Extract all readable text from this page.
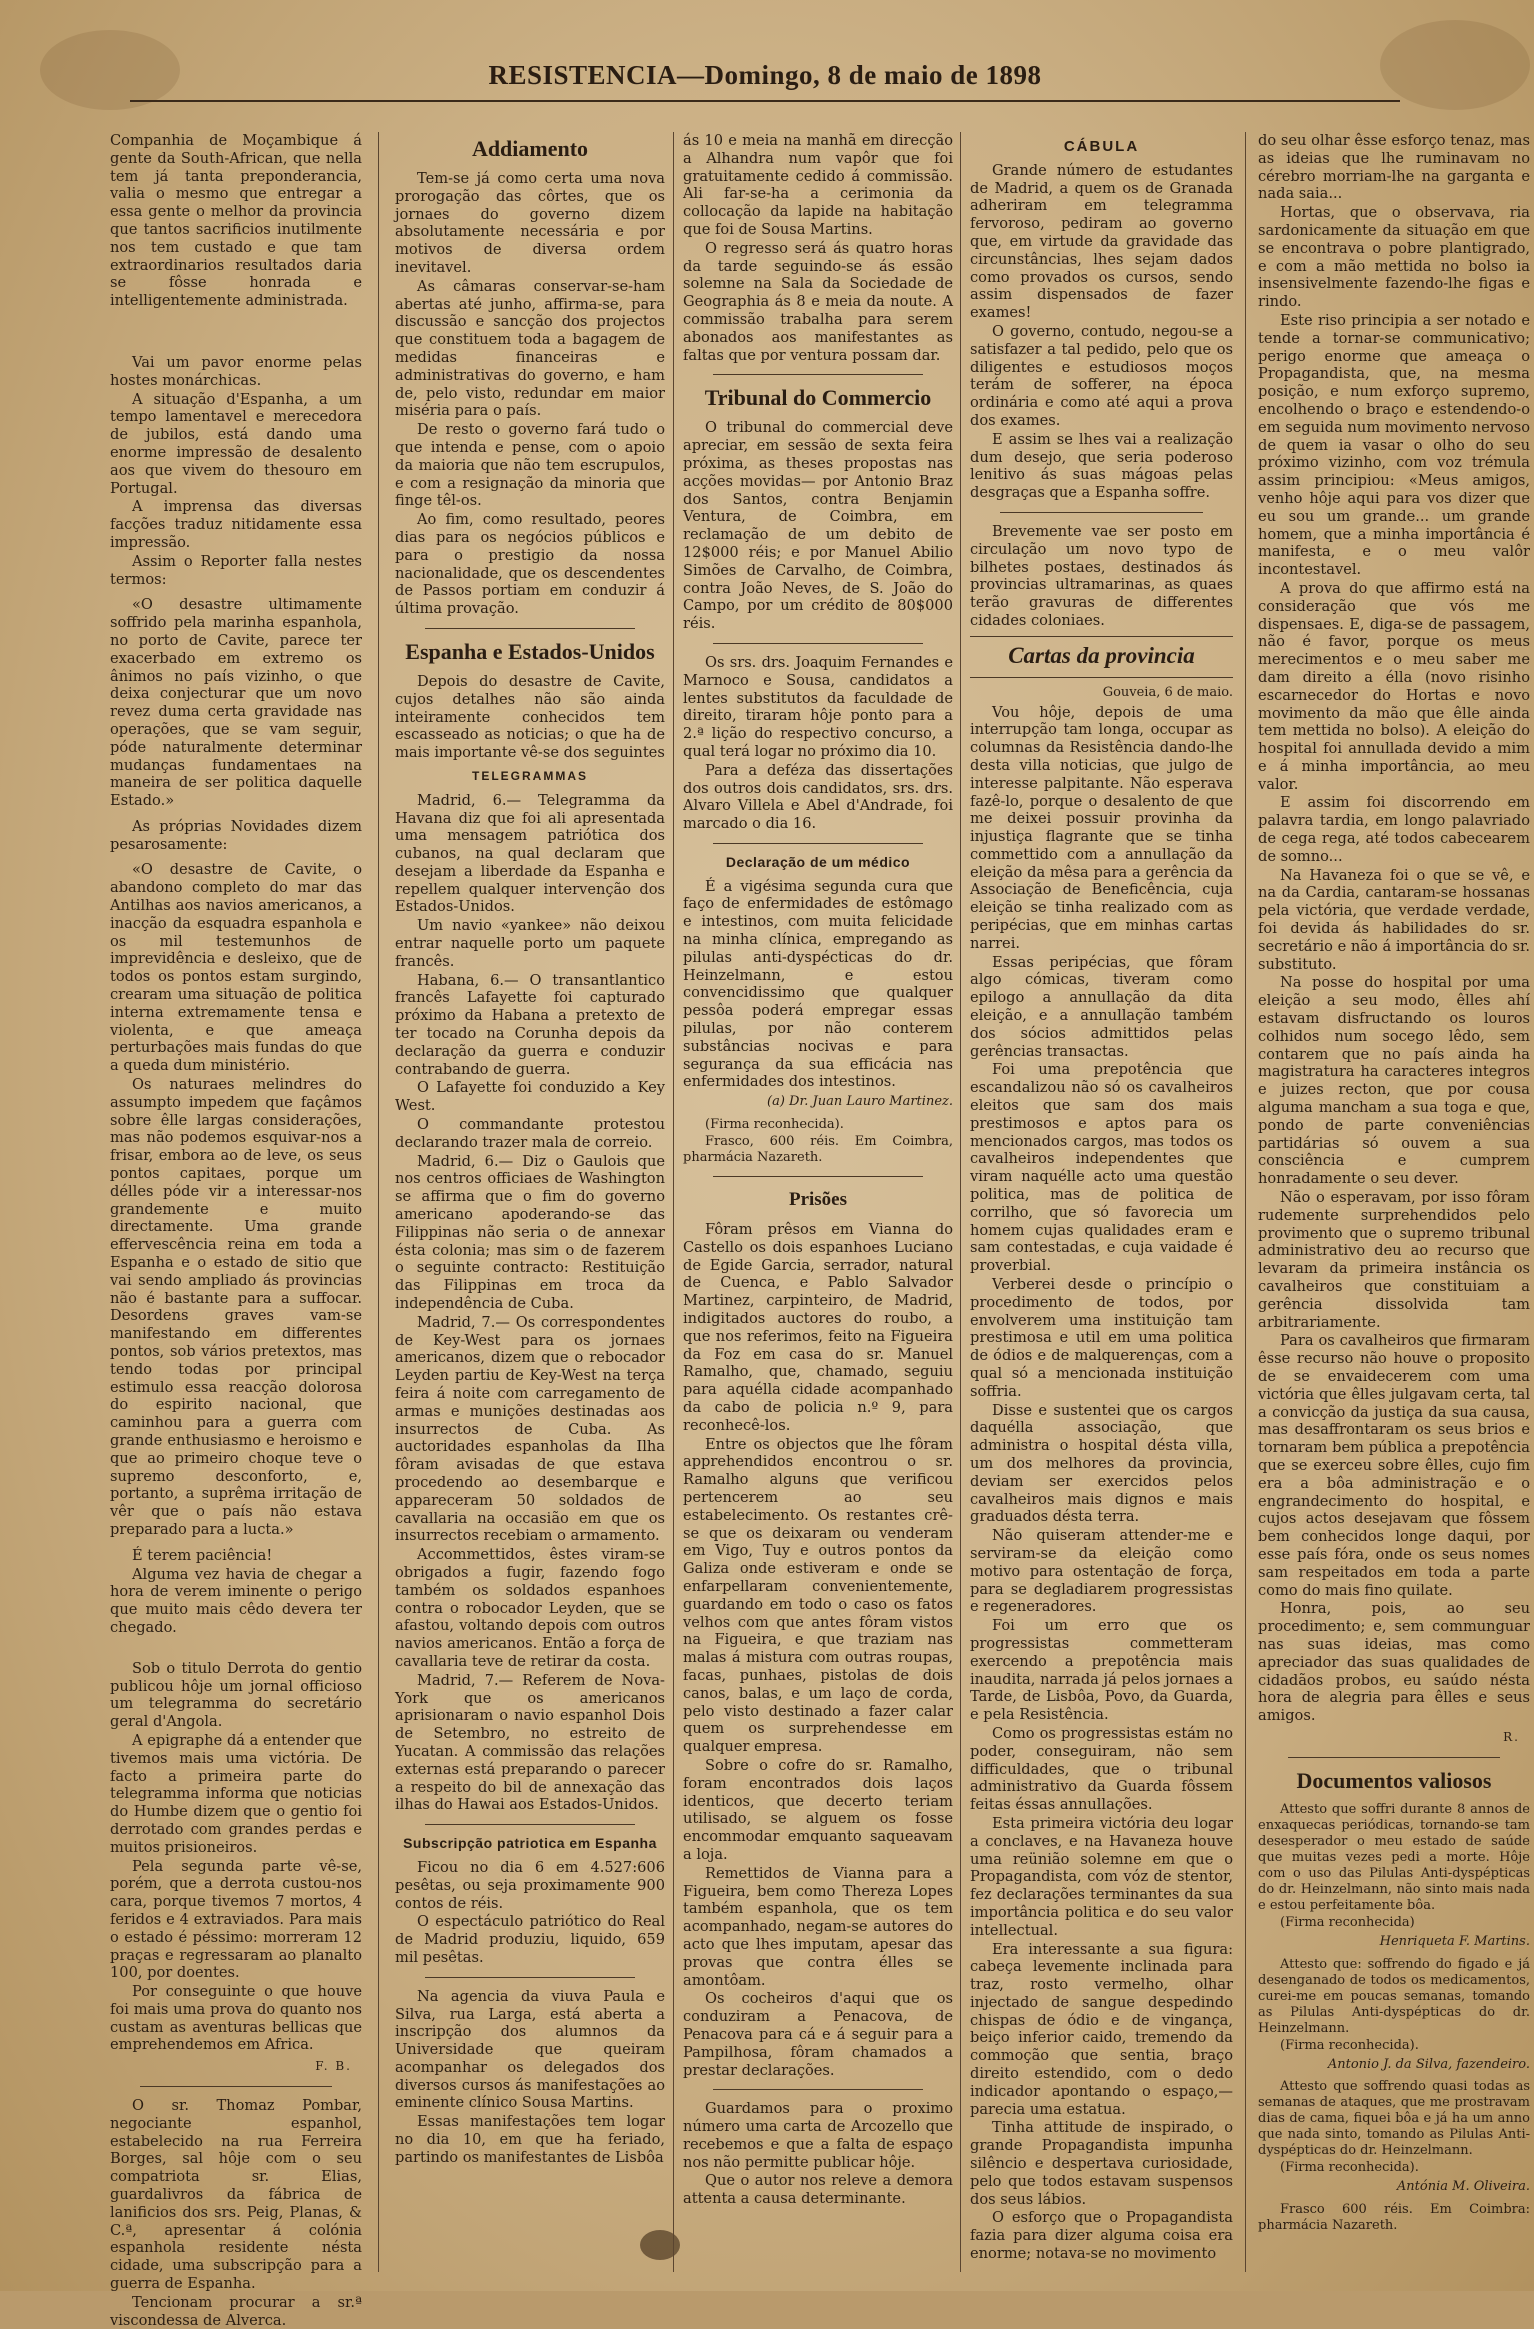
RESISTENCIA—Domingo, 8 de maio de 1898

Companhia de Moçambique á gente da South-African, que nella tem já tanta preponderancia, valia o mesmo que entregar a essa gente o melhor da provincia que tantos sacrificios inutilmente nos tem custado e que tam extraordinarios resultados daria se fôsse honrada e intelligentemente administrada.

Vai um pavor enorme pelas hostes monárchicas.

A situação d'Espanha, a um tempo lamentavel e merecedora de jubilos, está dando uma enorme impressão de desalento aos que vivem do thesouro em Portugal.

A imprensa das diversas facções traduz nitidamente essa impressão.

Assim o Reporter falla nestes termos:

«O desastre ultimamente soffrido pela marinha espanhola, no porto de Cavite, parece ter exacerbado em extremo os ânimos no país vizinho, o que deixa conjecturar que um novo revez duma certa gravidade nas operações, que se vam seguir, póde naturalmente determinar mudanças fundamentaes na maneira de ser politica daquelle Estado.»

As próprias Novidades dizem pesarosamente:

«O desastre de Cavite, o abandono completo do mar das Antilhas aos navios americanos, a inacção da esquadra espanhola e os mil testemunhos de imprevidência e desleixo, que de todos os pontos estam surgindo, crearam uma situação de politica interna extremamente tensa e violenta, e que ameaça perturbações mais fundas do que a queda dum ministério.

Os naturaes melindres do assumpto impedem que façâmos sobre êlle largas considerações, mas não podemos esquivar-nos a frisar, embora ao de leve, os seus pontos capitaes, porque um délles póde vir a interessar-nos grandemente e muito directamente. Uma grande effervescência reina em toda a Espanha e o estado de sitio que vai sendo ampliado ás provincias não é bastante para a suffocar. Desordens graves vam-se manifestando em differentes pontos, sob vários pretextos, mas tendo todas por principal estimulo essa reacção dolorosa do espirito nacional, que caminhou para a guerra com grande enthusiasmo e heroismo e que ao primeiro choque teve o supremo desconforto, e, portanto, a suprêma irritação de vêr que o país não estava preparado para a lucta.»

É terem paciência!

Alguma vez havia de chegar a hora de verem iminente o perigo que muito mais cêdo devera ter chegado.

Sob o titulo Derrota do gentio publicou hôje um jornal officioso um telegramma do secretário geral d'Angola.

A epigraphe dá a entender que tivemos mais uma victória. De facto a primeira parte do telegramma informa que noticias do Humbe dizem que o gentio foi derrotado com grandes perdas e muitos prisioneiros.

Pela segunda parte vê-se, porém, que a derrota custou-nos cara, porque tivemos 7 mortos, 4 feridos e 4 extraviados. Para mais o estado é péssimo: morreram 12 praças e regressaram ao planalto 100, por doentes.

Por conseguinte o que houve foi mais uma prova do quanto nos custam as aventuras bellicas que emprehendemos em Africa.

F. B.

O sr. Thomaz Pombar, negociante espanhol, estabelecido na rua Ferreira Borges, sal hôje com o seu compatriota sr. Elias, guardalivros da fábrica de lanificios dos srs. Peig, Planas, & C.ª, apresentar á colónia espanhola residente nésta cidade, uma subscripção para a guerra de Espanha.

Tencionam procurar a sr.ª viscondessa de Alverca.

Addiamento

Tem-se já como certa uma nova prorogação das côrtes, que os jornaes do governo dizem absolutamente necessária e por motivos de diversa ordem inevitavel.

As câmaras conservar-se-ham abertas até junho, affirma-se, para discussão e sancção dos projectos que constituem toda a bagagem de medidas financeiras e administrativas do governo, e ham de, pelo visto, redundar em maior miséria para o país.

De resto o governo fará tudo o que intenda e pense, com o apoio da maioria que não tem escrupulos, e com a resignação da minoria que finge têl-os.

Ao fim, como resultado, peores dias para os negócios públicos e para o prestigio da nossa nacionalidade, que os descendentes de Passos portiam em conduzir á última provação.

Espanha e Estados-Unidos

Depois do desastre de Cavite, cujos detalhes não são ainda inteiramente conhecidos tem escasseado as noticias; o que ha de mais importante vê-se dos seguintes

TELEGRAMMAS

Madrid, 6.— Telegramma da Havana diz que foi ali apresentada uma mensagem patriótica dos cubanos, na qual declaram que desejam a liberdade da Espanha e repellem qualquer intervenção dos Estados-Unidos.

Um navio «yankee» não deixou entrar naquelle porto um paquete francês.

Habana, 6.— O transantlantico francês Lafayette foi capturado próximo da Habana a pretexto de ter tocado na Corunha depois da declaração da guerra e conduzir contrabando de guerra.

O Lafayette foi conduzido a Key West.

O commandante protestou declarando trazer mala de correio.

Madrid, 6.— Diz o Gaulois que nos centros officiaes de Washington se affirma que o fim do governo americano apoderando-se das Filippinas não seria o de annexar ésta colonia; mas sim o de fazerem o seguinte contracto: Restituição das Filippinas em troca da independência de Cuba.

Madrid, 7.— Os correspondentes de Key-West para os jornaes americanos, dizem que o rebocador Leyden partiu de Key-West na terça feira á noite com carregamento de armas e munições destinadas aos insurrectos de Cuba. As auctoridades espanholas da Ilha fôram avisadas de que estava procedendo ao desembarque e appareceram 50 soldados de cavallaria na occasião em que os insurrectos recebiam o armamento.

Accommettidos, êstes viram-se obrigados a fugir, fazendo fogo também os soldados espanhoes contra o robocador Leyden, que se afastou, voltando depois com outros navios americanos. Então a força de cavallaria teve de retirar da costa.

Madrid, 7.— Referem de Nova-York que os americanos aprisionaram o navio espanhol Dois de Setembro, no estreito de Yucatan. A commissão das relações externas está preparando o parecer a respeito do bil de annexação das ilhas do Hawai aos Estados-Unidos.

Subscripção patriotica em Espanha

Ficou no dia 6 em 4.527:606 pesêtas, ou seja proximamente 900 contos de réis.

O espectáculo patriótico do Real de Madrid produziu, liquido, 659 mil pesêtas.

Na agencia da viuva Paula e Silva, rua Larga, está aberta a inscripção dos alumnos da Universidade que queiram acompanhar os delegados dos diversos cursos ás manifestações ao eminente clínico Sousa Martins.

Essas manifestações tem logar no dia 10, em que ha feriado, partindo os manifestantes de Lisbôa

ás 10 e meia na manhã em direcção a Alhandra num vapôr que foi gratuitamente cedido á commissão. Ali far-se-ha a cerimonia da collocação da lapide na habitação que foi de Sousa Martins.

O regresso será ás quatro horas da tarde seguindo-se ás essão solemne na Sala da Sociedade de Geographia ás 8 e meia da noute. A commissão trabalha para serem abonados aos manifestantes as faltas que por ventura possam dar.

Tribunal do Commercio

O tribunal do commercial deve apreciar, em sessão de sexta feira próxima, as theses propostas nas acções movidas— por Antonio Braz dos Santos, contra Benjamin Ventura, de Coimbra, em reclamação de um debito de 12$000 réis; e por Manuel Abilio Simões de Carvalho, de Coimbra, contra João Neves, de S. João do Campo, por um crédito de 80$000 réis.

Os srs. drs. Joaquim Fernandes e Marnoco e Sousa, candidatos a lentes substitutos da faculdade de direito, tiraram hôje ponto para a 2.ª lição do respectivo concurso, a qual terá logar no próximo dia 10.

Para a deféza das dissertações dos outros dois candidatos, srs. drs. Alvaro Villela e Abel d'Andrade, foi marcado o dia 16.

Declaração de um médico

É a vigésima segunda cura que faço de enfermidades de estômago e intestinos, com muita felicidade na minha clínica, empregando as pilulas anti-dyspécticas do dr. Heinzelmann, e estou convencidissimo que qualquer pessôa poderá empregar essas pilulas, por não conterem substâncias nocivas e para segurança da sua efficácia nas enfermidades dos intestinos.

(a) Dr. Juan Lauro Martinez.

(Firma reconhecida).

Frasco, 600 réis. Em Coimbra, pharmácia Nazareth.

Prisões

Fôram prêsos em Vianna do Castello os dois espanhoes Luciano de Egide Garcia, serrador, natural de Cuenca, e Pablo Salvador Martinez, carpinteiro, de Madrid, indigitados auctores do roubo, a que nos referimos, feito na Figueira da Foz em casa do sr. Manuel Ramalho, que, chamado, seguiu para aquélla cidade acompanhado da cabo de policia n.º 9, para reconhecê-los.

Entre os objectos que lhe fôram apprehendidos encontrou o sr. Ramalho alguns que verificou pertencerem ao seu estabelecimento. Os restantes crê-se que os deixaram ou venderam em Vigo, Tuy e outros pontos da Galiza onde estiveram e onde se enfarpellaram convenientemente, guardando em todo o caso os fatos velhos com que antes fôram vistos na Figueira, e que traziam nas malas á mistura com outras roupas, facas, punhaes, pistolas de dois canos, balas, e um laço de corda, pelo visto destinado a fazer calar quem os surprehendesse em qualquer empresa.

Sobre o cofre do sr. Ramalho, foram encontrados dois laços identicos, que decerto teriam utilisado, se alguem os fosse encommodar emquanto saqueavam a loja.

Remettidos de Vianna para a Figueira, bem como Thereza Lopes também espanhola, que os tem acompanhado, negam-se autores do acto que lhes imputam, apesar das provas que contra élles se amontôam.

Os cocheiros d'aqui que os conduziram a Penacova, de Penacova para cá e á seguir para a Pampilhosa, fôram chamados a prestar declarações.

Guardamos para o proximo número uma carta de Arcozello que recebemos e que a falta de espaço nos não permitte publicar hôje.

Que o autor nos releve a demora attenta a causa determinante.

CÁBULA

Grande número de estudantes de Madrid, a quem os de Granada adheriram em telegramma fervoroso, pediram ao governo que, em virtude da gravidade das circunstâncias, lhes sejam dados como provados os cursos, sendo assim dispensados de fazer exames!

O governo, contudo, negou-se a satisfazer a tal pedido, pelo que os diligentes e estudiosos moços terám de sofferer, na época ordinária e como até aqui a prova dos exames.

E assim se lhes vai a realização dum desejo, que seria poderoso lenitivo ás suas mágoas pelas desgraças que a Espanha soffre.

Brevemente vae ser posto em circulação um novo typo de bilhetes postaes, destinados ás provincias ultramarinas, as quaes terão gravuras de differentes cidades coloniaes.

Cartas da provincia
Gouveia, 6 de maio.

Vou hôje, depois de uma interrupção tam longa, occupar as columnas da Resistência dando-lhe desta villa noticias, que julgo de interesse palpitante. Não esperava fazê-lo, porque o desalento de que me deixei possuir provinha da injustiça flagrante que se tinha commettido com a annullação da eleição da mêsa para a gerência da Associação de Beneficência, cuja eleição se tinha realizado com as peripécias, que em minhas cartas narrei.

Essas peripécias, que fôram algo cómicas, tiveram como epilogo a annullação da dita eleição, e a annullação também dos sócios admittidos pelas gerências transactas.

Foi uma prepotência que escandalizou não só os cavalheiros eleitos que sam dos mais prestimosos e aptos para os mencionados cargos, mas todos os cavalheiros independentes que viram naquélle acto uma questão politica, mas de politica de corrilho, que só favorecia um homem cujas qualidades eram e sam contestadas, e cuja vaidade é proverbial.

Verberei desde o princípio o procedimento de todos, por envolverem uma instituição tam prestimosa e util em uma politica de ódios e de malquerenças, com a qual só a mencionada instituição soffria.

Disse e sustentei que os cargos daquélla associação, que administra o hospital désta villa, um dos melhores da provincia, deviam ser exercidos pelos cavalheiros mais dignos e mais graduados désta terra.

Não quiseram attender-me e serviram-se da eleição como motivo para ostentação de força, para se degladiarem progressistas e regeneradores.

Foi um erro que os progressistas commetteram exercendo a prepotência mais inaudita, narrada já pelos jornaes a Tarde, de Lisbôa, Povo, da Guarda, e pela Resistência.

Como os progressistas estám no poder, conseguiram, não sem difficuldades, que o tribunal administrativo da Guarda fôssem feitas éssas annullações.

Esta primeira victória deu logar a conclaves, e na Havaneza houve uma reünião solemne em que o Propagandista, com vóz de stentor, fez declarações terminantes da sua importância politica e do seu valor intellectual.

Era interessante a sua figura: cabeça levemente inclinada para traz, rosto vermelho, olhar injectado de sangue despedindo chispas de ódio e de vingança, beiço inferior caido, tremendo da commoção que sentia, braço direito estendido, com o dedo indicador apontando o espaço,— parecia uma estatua.

Tinha attitude de inspirado, o grande Propagandista impunha silêncio e despertava curiosidade, pelo que todos estavam suspensos dos seus lábios.

O esforço que o Propagandista fazia para dizer alguma coisa era enorme; notava-se no movimento

do seu olhar êsse esforço tenaz, mas as ideias que lhe ruminavam no cérebro morriam-lhe na garganta e nada saia...

Hortas, que o observava, ria sardonicamente da situação em que se encontrava o pobre plantigrado, e com a mão mettida no bolso ia insensivelmente fazendo-lhe figas e rindo.

Este riso principia a ser notado e tende a tornar-se communicativo; perigo enorme que ameaça o Propagandista, que, na mesma posição, e num exforço supremo, encolhendo o braço e estendendo-o em seguida num movimento nervoso de quem ia vasar o olho do seu próximo vizinho, com voz trémula assim principiou: «Meus amigos, venho hôje aqui para vos dizer que eu sou um grande... um grande homem, que a minha importância é manifesta, e o meu valôr incontestavel.

A prova do que affirmo está na consideração que vós me dispensaes. E, diga-se de passagem, não é favor, porque os meus merecimentos e o meu saber me dam direito a élla (novo risinho escarnecedor do Hortas e novo movimento da mão que êlle ainda tem mettida no bolso). A eleição do hospital foi annullada devido a mim e á minha importância, ao meu valor.

E assim foi discorrendo em palavra tardia, em longo palavriado de cega rega, até todos cabecearem de somno...

Na Havaneza foi o que se vê, e na da Cardia, cantaram-se hossanas pela victória, que verdade verdade, foi devida ás habilidades do sr. secretário e não á importância do sr. substituto.

Na posse do hospital por uma eleição a seu modo, êlles ahí estavam disfructando os louros colhidos num socego lêdo, sem contarem que no país ainda ha magistratura ha caracteres integros e juizes recton, que por cousa alguma mancham a sua toga e que, pondo de parte conveniências partidárias só ouvem a sua consciência e cumprem honradamente o seu dever.

Não o esperavam, por isso fôram rudemente surprehendidos pelo provimento que o supremo tribunal administrativo deu ao recurso que levaram da primeira instância os cavalheiros que constituiam a gerência dissolvida tam arbitrariamente.

Para os cavalheiros que firmaram êsse recurso não houve o proposito de se envaidecerem com uma victória que êlles julgavam certa, tal a convicção da justiça da sua causa, mas desaffrontaram os seus brios e tornaram bem pública a prepotência que se exerceu sobre êlles, cujo fim era a bôa administração e o engrandecimento do hospital, e cujos actos desejavam que fôssem bem conhecidos longe daqui, por esse país fóra, onde os seus nomes sam respeitados em toda a parte como do mais fino quilate.

Honra, pois, ao seu procedimento; e, sem communguar nas suas ideias, mas como apreciador das suas qualidades de cidadãos probos, eu saúdo nésta hora de alegria para êlles e seus amigos.

R.
Documentos valiosos

Attesto que soffri durante 8 annos de enxaquecas periódicas, tornando-se tam desesperador o meu estado de saúde que muitas vezes pedi a morte. Hôje com o uso das Pilulas Anti-dyspépticas do dr. Heinzelmann, não sinto mais nada e estou perfeitamente bôa.

(Firma reconhecida)

Henriqueta F. Martins.

Attesto que: soffrendo do figado e já desenganado de todos os medicamentos, curei-me em poucas semanas, tomando as Pilulas Anti-dyspépticas do dr. Heinzelmann.

(Firma reconhecida).

Antonio J. da Silva, fazendeiro.

Attesto que soffrendo quasi todas as semanas de ataques, que me prostravam dias de cama, fiquei bôa e já ha um anno que nada sinto, tomando as Pilulas Anti-dyspépticas do dr. Heinzelmann.

(Firma reconhecida).

Antónia M. Oliveira.

Frasco 600 réis. Em Coimbra: pharmácia Nazareth.
